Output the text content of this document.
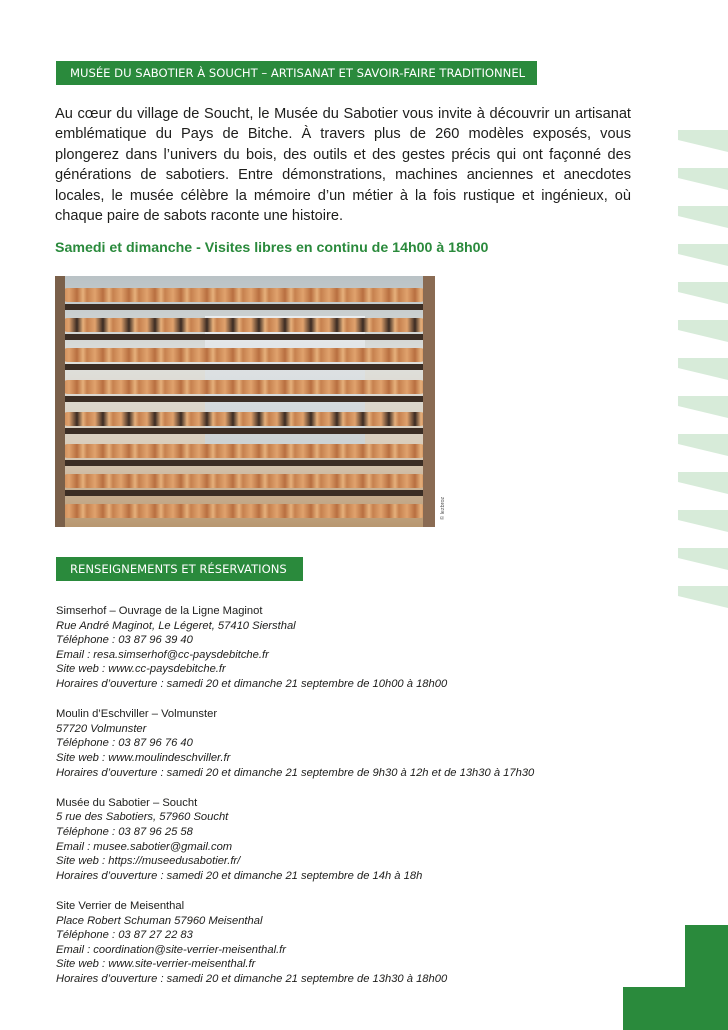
MUSÉE DU SABOTIER À SOUCHT – ARTISANAT ET SAVOIR-FAIRE TRADITIONNEL

Au cœur du village de Soucht, le Musée du Sabotier vous invite à découvrir un artisanat emblématique du Pays de Bitche. À travers plus de 260 modèles exposés, vous plongerez dans l’univers du bois, des outils et des gestes précis qui ont façonné des générations de sabotiers. Entre démonstrations, machines anciennes et anecdotes locales, le musée célèbre la mémoire d’un métier à la fois rustique et ingénieux, où chaque paire de sabots raconte une histoire.

Samedi et dimanche - Visites libres en continu de 14h00 à 18h00

© lezbroz
RENSEIGNEMENTS ET RÉSERVATIONS

Simserhof – Ouvrage de la Ligne Maginot

Rue André Maginot, Le Légeret, 57410 Siersthal

Téléphone : 03 87 96 39 40

Email : resa.simserhof@cc-paysdebitche.fr

Site web : www.cc-paysdebitche.fr

Horaires d’ouverture : samedi 20 et dimanche 21 septembre de 10h00 à 18h00

Moulin d’Eschviller – Volmunster

57720 Volmunster

Téléphone : 03 87 96 76 40

Site web : www.moulindeschviller.fr

Horaires d’ouverture : samedi 20 et dimanche 21 septembre de 9h30 à 12h et de 13h30 à 17h30

Musée du Sabotier – Soucht

5 rue des Sabotiers, 57960 Soucht

Téléphone : 03 87 96 25 58

Email : musee.sabotier@gmail.com

Site web : https://museedusabotier.fr/

Horaires d’ouverture : samedi 20 et dimanche 21 septembre de 14h à 18h

Site Verrier de Meisenthal

Place Robert Schuman 57960 Meisenthal

Téléphone : 03 87 27 22 83

Email : coordination@site-verrier-meisenthal.fr

Site web : www.site-verrier-meisenthal.fr

Horaires d’ouverture : samedi 20 et dimanche 21 septembre de 13h30 à 18h00
